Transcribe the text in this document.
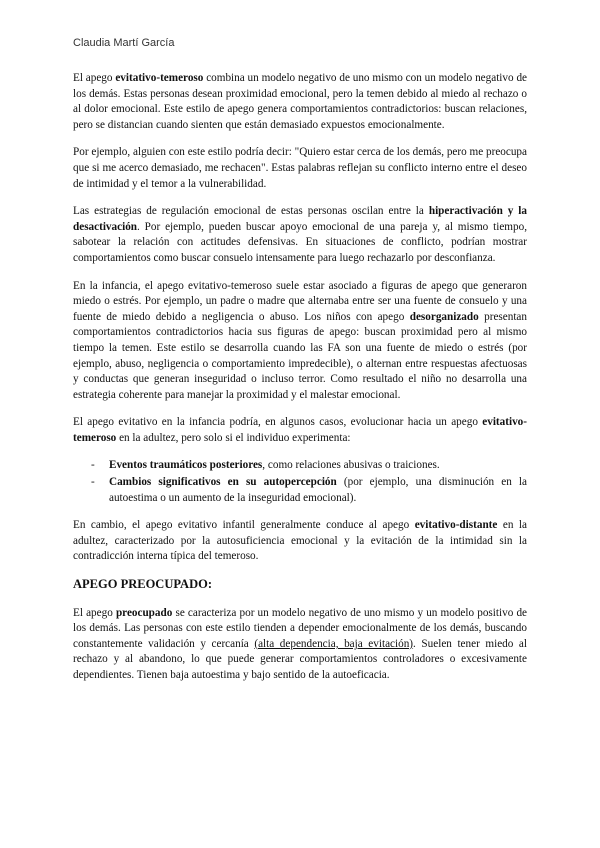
Claudia Martí García

El apego evitativo-temeroso combina un modelo negativo de uno mismo con un modelo negativo de los demás. Estas personas desean proximidad emocional, pero la temen debido al miedo al rechazo o al dolor emocional. Este estilo de apego genera comportamientos contradictorios: buscan relaciones, pero se distancian cuando sienten que están demasiado expuestos emocionalmente.

Por ejemplo, alguien con este estilo podría decir: "Quiero estar cerca de los demás, pero me preocupa que si me acerco demasiado, me rechacen". Estas palabras reflejan su conflicto interno entre el deseo de intimidad y el temor a la vulnerabilidad.

Las estrategias de regulación emocional de estas personas oscilan entre la hiperactivación y la desactivación. Por ejemplo, pueden buscar apoyo emocional de una pareja y, al mismo tiempo, sabotear la relación con actitudes defensivas. En situaciones de conflicto, podrían mostrar comportamientos como buscar consuelo intensamente para luego rechazarlo por desconfianza.

En la infancia, el apego evitativo-temeroso suele estar asociado a figuras de apego que generaron miedo o estrés. Por ejemplo, un padre o madre que alternaba entre ser una fuente de consuelo y una fuente de miedo debido a negligencia o abuso. Los niños con apego desorganizado presentan comportamientos contradictorios hacia sus figuras de apego: buscan proximidad pero al mismo tiempo la temen. Este estilo se desarrolla cuando las FA son una fuente de miedo o estrés (por ejemplo, abuso, negligencia o comportamiento impredecible), o alternan entre respuestas afectuosas y conductas que generan inseguridad o incluso terror. Como resultado el niño no desarrolla una estrategia coherente para manejar la proximidad y el malestar emocional.

El apego evitativo en la infancia podría, en algunos casos, evolucionar hacia un apego evitativo-temeroso en la adultez, pero solo si el individuo experimenta:

- Eventos traumáticos posteriores, como relaciones abusivas o traiciones.
- Cambios significativos en su autopercepción (por ejemplo, una disminución en la autoestima o un aumento de la inseguridad emocional).

En cambio, el apego evitativo infantil generalmente conduce al apego evitativo-distante en la adultez, caracterizado por la autosuficiencia emocional y la evitación de la intimidad sin la contradicción interna típica del temeroso.

APEGO PREOCUPADO:

El apego preocupado se caracteriza por un modelo negativo de uno mismo y un modelo positivo de los demás. Las personas con este estilo tienden a depender emocionalmente de los demás, buscando constantemente validación y cercanía (alta dependencia, baja evitación). Suelen tener miedo al rechazo y al abandono, lo que puede generar comportamientos controladores o excesivamente dependientes. Tienen baja autoestima y bajo sentido de la autoeficacia.
